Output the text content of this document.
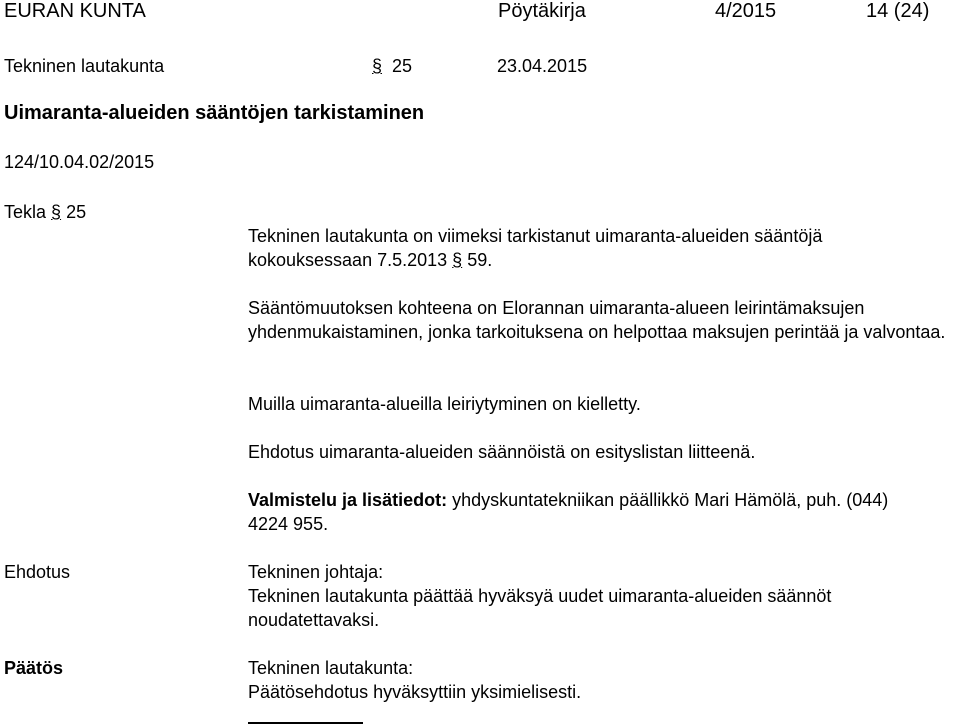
EURAN KUNTA	Pöytäkirja	4/2015	14 (24)
Tekninen lautakunta	§ 25	23.04.2015
Uimaranta-alueiden sääntöjen tarkistaminen
124/10.04.02/2015
Tekla § 25
Tekninen lautakunta on viimeksi tarkistanut uimaranta-alueiden sääntöjä
kokouksessaan 7.5.2013 § 59.
Sääntömuutoksen kohteena on Elorannan uimaranta-alueen leirintämaksujen yhdenmukaistaminen, jonka tarkoituksena on helpottaa maksujen perintää ja valvontaa.
Muilla uimaranta-alueilla leiriytyminen on kielletty.
Ehdotus uimaranta-alueiden säännöistä on esityslistan liitteenä.
Valmistelu ja lisätiedot: yhdyskuntatekniikan päällikkö Mari Hämölä, puh. (044) 4224 955.
Ehdotus	Tekninen johtaja:
Tekninen lautakunta päättää hyväksyä uudet uimaranta-alueiden säännöt noudatettavaksi.
Päätös	Tekninen lautakunta:
Päätösehdotus hyväksyttiin yksimielisesti.
